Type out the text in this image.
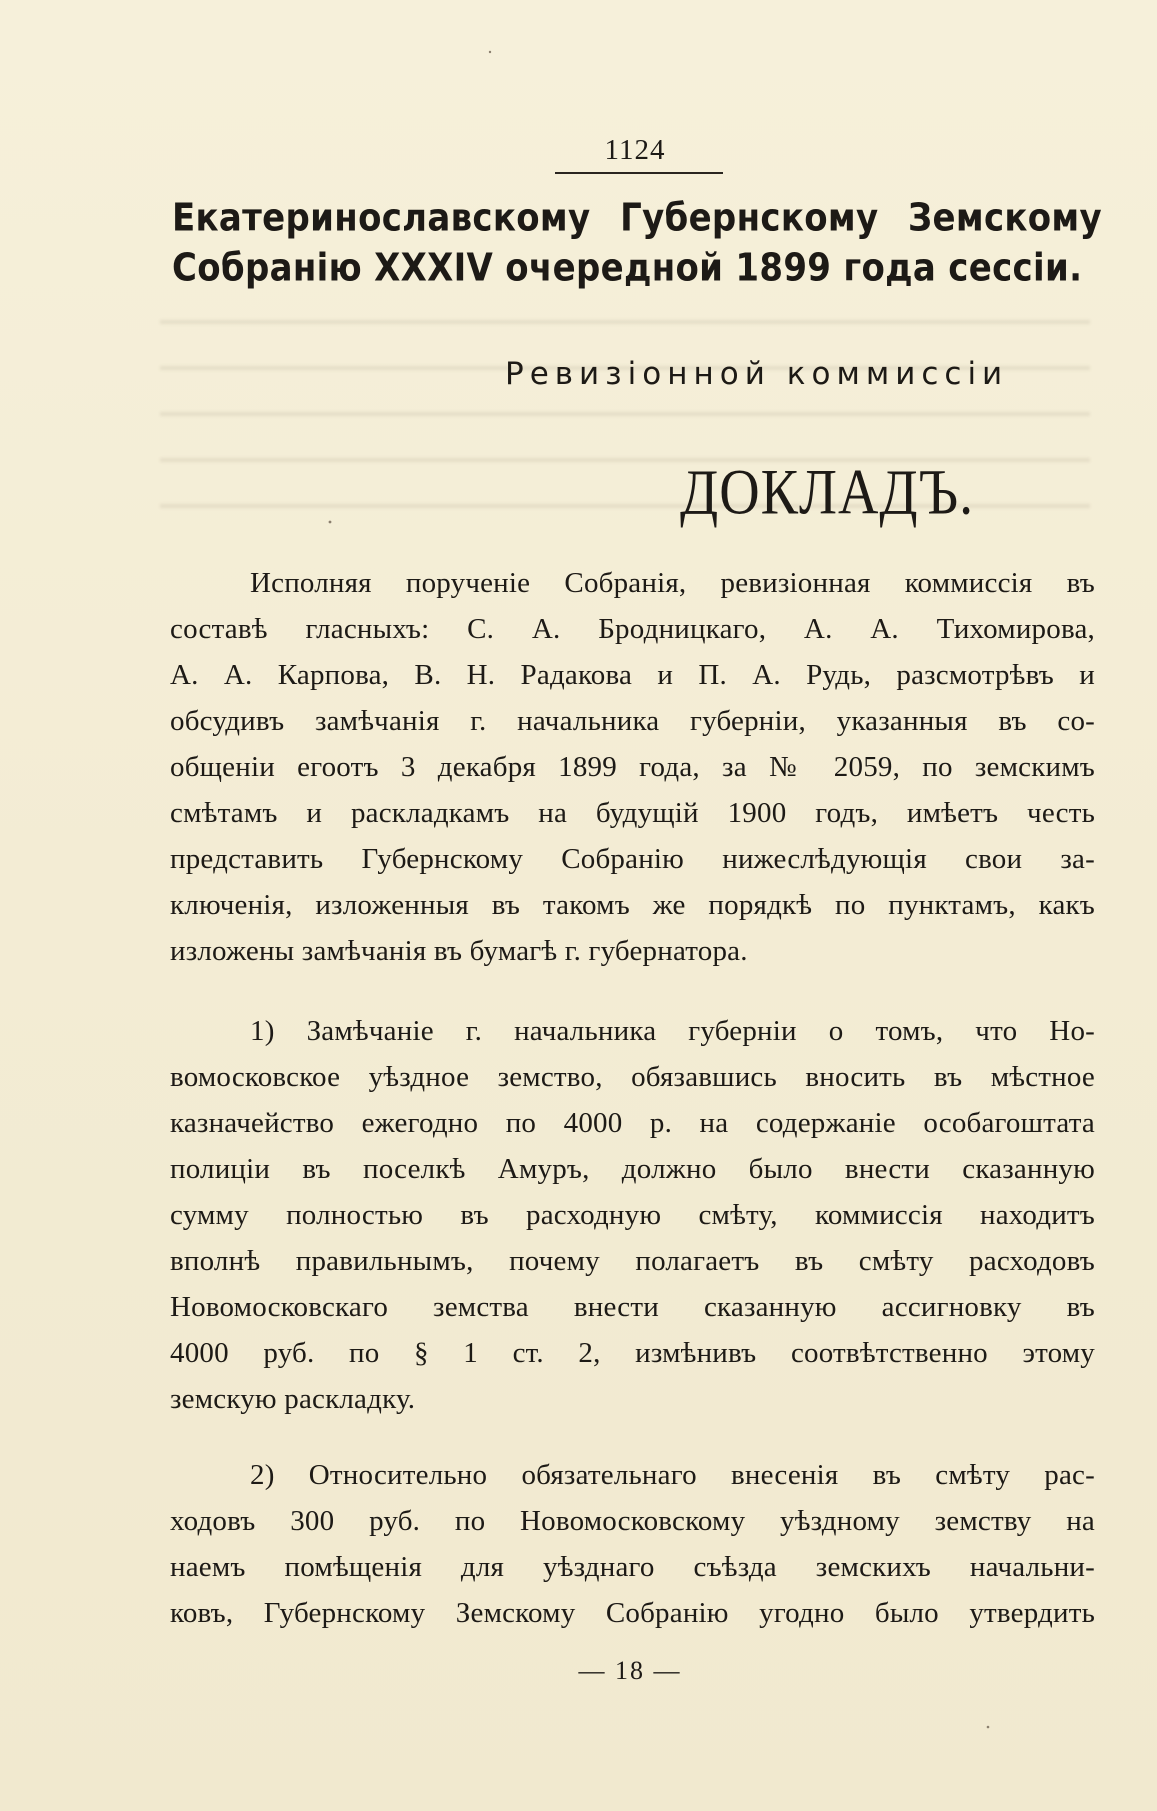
1124
Екатеринославскому Губернскому Земскому
Собранію XXXIV очередной 1899 года сессіи.
Ревизіонной коммиссіи
ДОКЛАДЪ.
Исполняя порученіе Собранія, ревизіонная коммиссія въ
составѣ гласныхъ: С. А. Бродницкаго, А. А. Тихомирова,
А. А. Карпова, В. Н. Радакова и П. А. Рудь, разсмотрѣвъ и
обсудивъ замѣчанія г. начальника губерніи, указанныя въ со-
общеніи егоотъ 3 декабря 1899 года, за № 2059, по земскимъ
смѣтамъ и раскладкамъ на будущій 1900 годъ, имѣетъ честь
представить Губернскому Собранію нижеслѣдующія свои за-
ключенія, изложенныя въ такомъ же порядкѣ по пунктамъ, какъ
изложены замѣчанія въ бумагѣ г. губернатора.
1) Замѣчаніе г. начальника губерніи о томъ, что Но-
вомосковское уѣздное земство, обязавшись вносить въ мѣстное
казначейство ежегодно по 4000 р. на содержаніе особагоштата
полиціи въ поселкѣ Амуръ, должно было внести сказанную
сумму полностью въ расходную смѣту, коммиссія находитъ
вполнѣ правильнымъ, почему полагаетъ въ смѣту расходовъ
Новомосковскаго земства внести сказанную ассигновку въ
4000 руб. по § 1 ст. 2, измѣнивъ соотвѣтственно этому
земскую раскладку.
2) Относительно обязательнаго внесенія въ смѣту рас-
ходовъ 300 руб. по Новомосковскому уѣздному земству на
наемъ помѣщенія для уѣзднаго съѣзда земскихъ начальни-
ковъ, Губернскому Земскому Собранію угодно было утвердить
— 18 —
